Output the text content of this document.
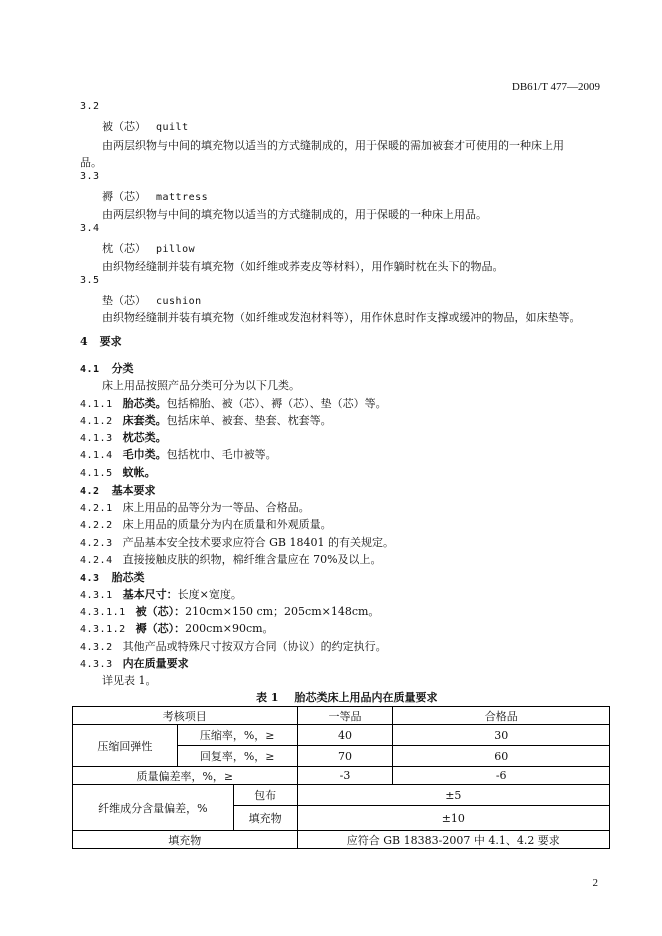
DB61/T 477—2009
3.2
被（芯） quilt
由两层织物与中间的填充物以适当的方式缝制成的，用于保暖的需加被套才可使用的一种床上用
品。
3.3
褥（芯） mattress
由两层织物与中间的填充物以适当的方式缝制成的，用于保暖的一种床上用品。
3.4
枕（芯） pillow
由织物经缝制并装有填充物（如纤维或荞麦皮等材料），用作躺时枕在头下的物品。
3.5
垫（芯） cushion
由织物经缝制并装有填充物（如纤维或发泡材料等），用作休息时作支撑或缓冲的物品，如床垫等。
4 要求
4.1 分类
床上用品按照产品分类可分为以下几类。
4.1.1 胎芯类。包括棉胎、被（芯）、褥（芯）、垫（芯）等。
4.1.2 床套类。包括床单、被套、垫套、枕套等。
4.1.3 枕芯类。
4.1.4 毛巾类。包括枕巾、毛巾被等。
4.1.5 蚊帐。
4.2 基本要求
4.2.1 床上用品的品等分为一等品、合格品。
4.2.2 床上用品的质量分为内在质量和外观质量。
4.2.3 产品基本安全技术要求应符合 GB 18401 的有关规定。
4.2.4 直接接触皮肤的织物，棉纤维含量应在 70%及以上。
4.3 胎芯类
4.3.1 基本尺寸：长度×宽度。
4.3.1.1 被（芯）：210cm×150 cm；205cm×148cm。
4.3.1.2 褥（芯）：200cm×90cm。
4.3.2 其他产品或特殊尺寸按双方合同（协议）的约定执行。
4.3.3 内在质量要求
详见表 1。
表 1 胎芯类床上用品内在质量要求
考核项目			一等品	合格品
压缩回弹性	压缩率，%，≥		40	30
	回复率，%，≥		70	60
质量偏差率，%，≥			-3	-6
纤维成分含量偏差，%		包布	±5	
		填充物	±10	
填充物			应符合 GB 18383-2007 中 4.1、4.2 要求	
2
